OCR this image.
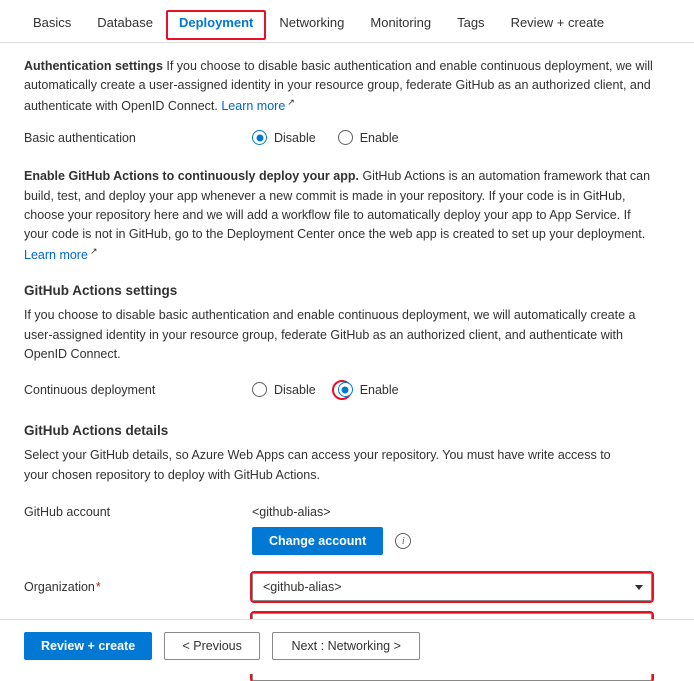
Basics	Database	Deployment	Networking	Monitoring	Tags	Review + create

Authentication settings If you choose to disable basic authentication and enable continuous deployment, we will automatically create a user-assigned identity in your resource group, federate GitHub as an authorized client, and authenticate with OpenID Connect. Learn more ↗

Basic authentication	Disable	Enable

Enable GitHub Actions to continuously deploy your app. GitHub Actions is an automation framework that can build, test, and deploy your app whenever a new commit is made in your repository. If your code is in GitHub, choose your repository here and we will add a workflow file to automatically deploy your app to App Service. If your code is not in GitHub, go to the Deployment Center once the web app is created to set up your deployment. Learn more ↗

GitHub Actions settings

If you choose to disable basic authentication and enable continuous deployment, we will automatically create a user-assigned identity in your resource group, federate GitHub as an authorized client, and authenticate with OpenID Connect.

Continuous deployment	Disable	Enable
GitHub Actions details

Select your GitHub details, so Azure Web Apps can access your repository. You must have write access to your chosen repository to deploy with GitHub Actions.

GitHub account	<github-alias>
Change account	i
Organization*	<github-alias>
Review + create	< Previous	Next : Networking >
